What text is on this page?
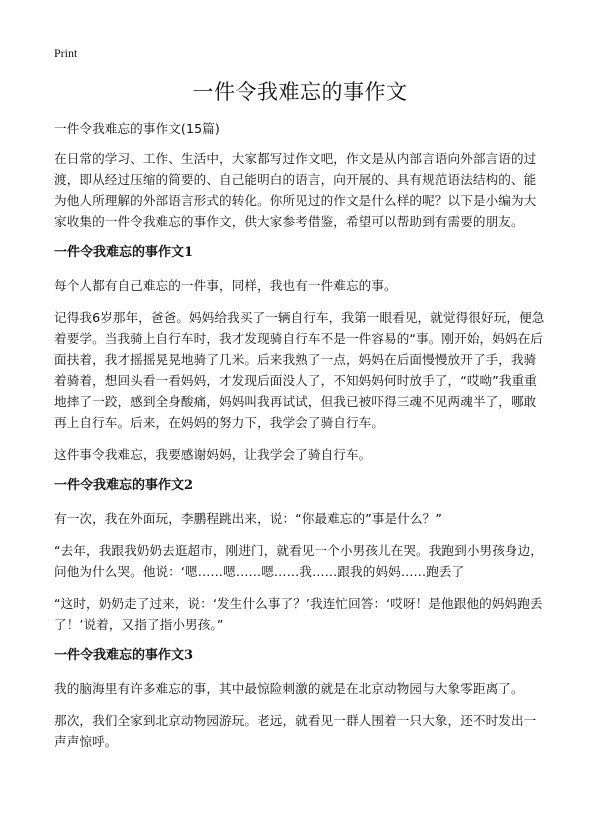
Print
一件令我难忘的事作文

一件令我难忘的事作文(15篇)

在日常的学习、工作、生活中，大家都写过作文吧，作文是从内部言语向外部言语的过渡，即从经过压缩的简要的、自己能明白的语言，向开展的、具有规范语法结构的、能为他人所理解的外部语言形式的转化。你所见过的作文是什么样的呢？以下是小编为大家收集的一件令我难忘的事作文，供大家参考借鉴，希望可以帮助到有需要的朋友。

一件令我难忘的事作文1

每个人都有自己难忘的一件事，同样，我也有一件难忘的事。

记得我6岁那年，爸爸。妈妈给我买了一辆自行车，我第一眼看见，就觉得很好玩，便急着要学。当我骑上自行车时，我才发现骑自行车不是一件容易的“事。刚开始，妈妈在后面扶着，我才摇摇晃晃地骑了几米。后来我熟了一点，妈妈在后面慢慢放开了手，我骑着骑着，想回头看一看妈妈，才发现后面没人了，不知妈妈何时放手了，“哎呦”我重重地摔了一跤，感到全身酸痛，妈妈叫我再试试，但我已被吓得三魂不见两魂半了，哪敢再上自行车。后来，在妈妈的努力下，我学会了骑自行车。

这件事令我难忘，我要感谢妈妈，让我学会了骑自行车。

一件令我难忘的事作文2

有一次，我在外面玩，李鹏程跳出来，说：“你最难忘的”事是什么？”

“去年，我跟我奶奶去逛超市，刚进门，就看见一个小男孩儿在哭。我跑到小男孩身边，问他为什么哭。他说：‘嗯……嗯……嗯……我……跟我的妈妈……跑丢了

“这时，奶奶走了过来，说：‘发生什么事了？’我连忙回答：‘哎呀！是他跟他的妈妈跑丢了！’说着，又指了指小男孩。”

一件令我难忘的事作文3

我的脑海里有许多难忘的事，其中最惊险刺激的就是在北京动物园与大象零距离了。

那次，我们全家到北京动物园游玩。老远，就看见一群人围着一只大象，还不时发出一声声惊呼。
